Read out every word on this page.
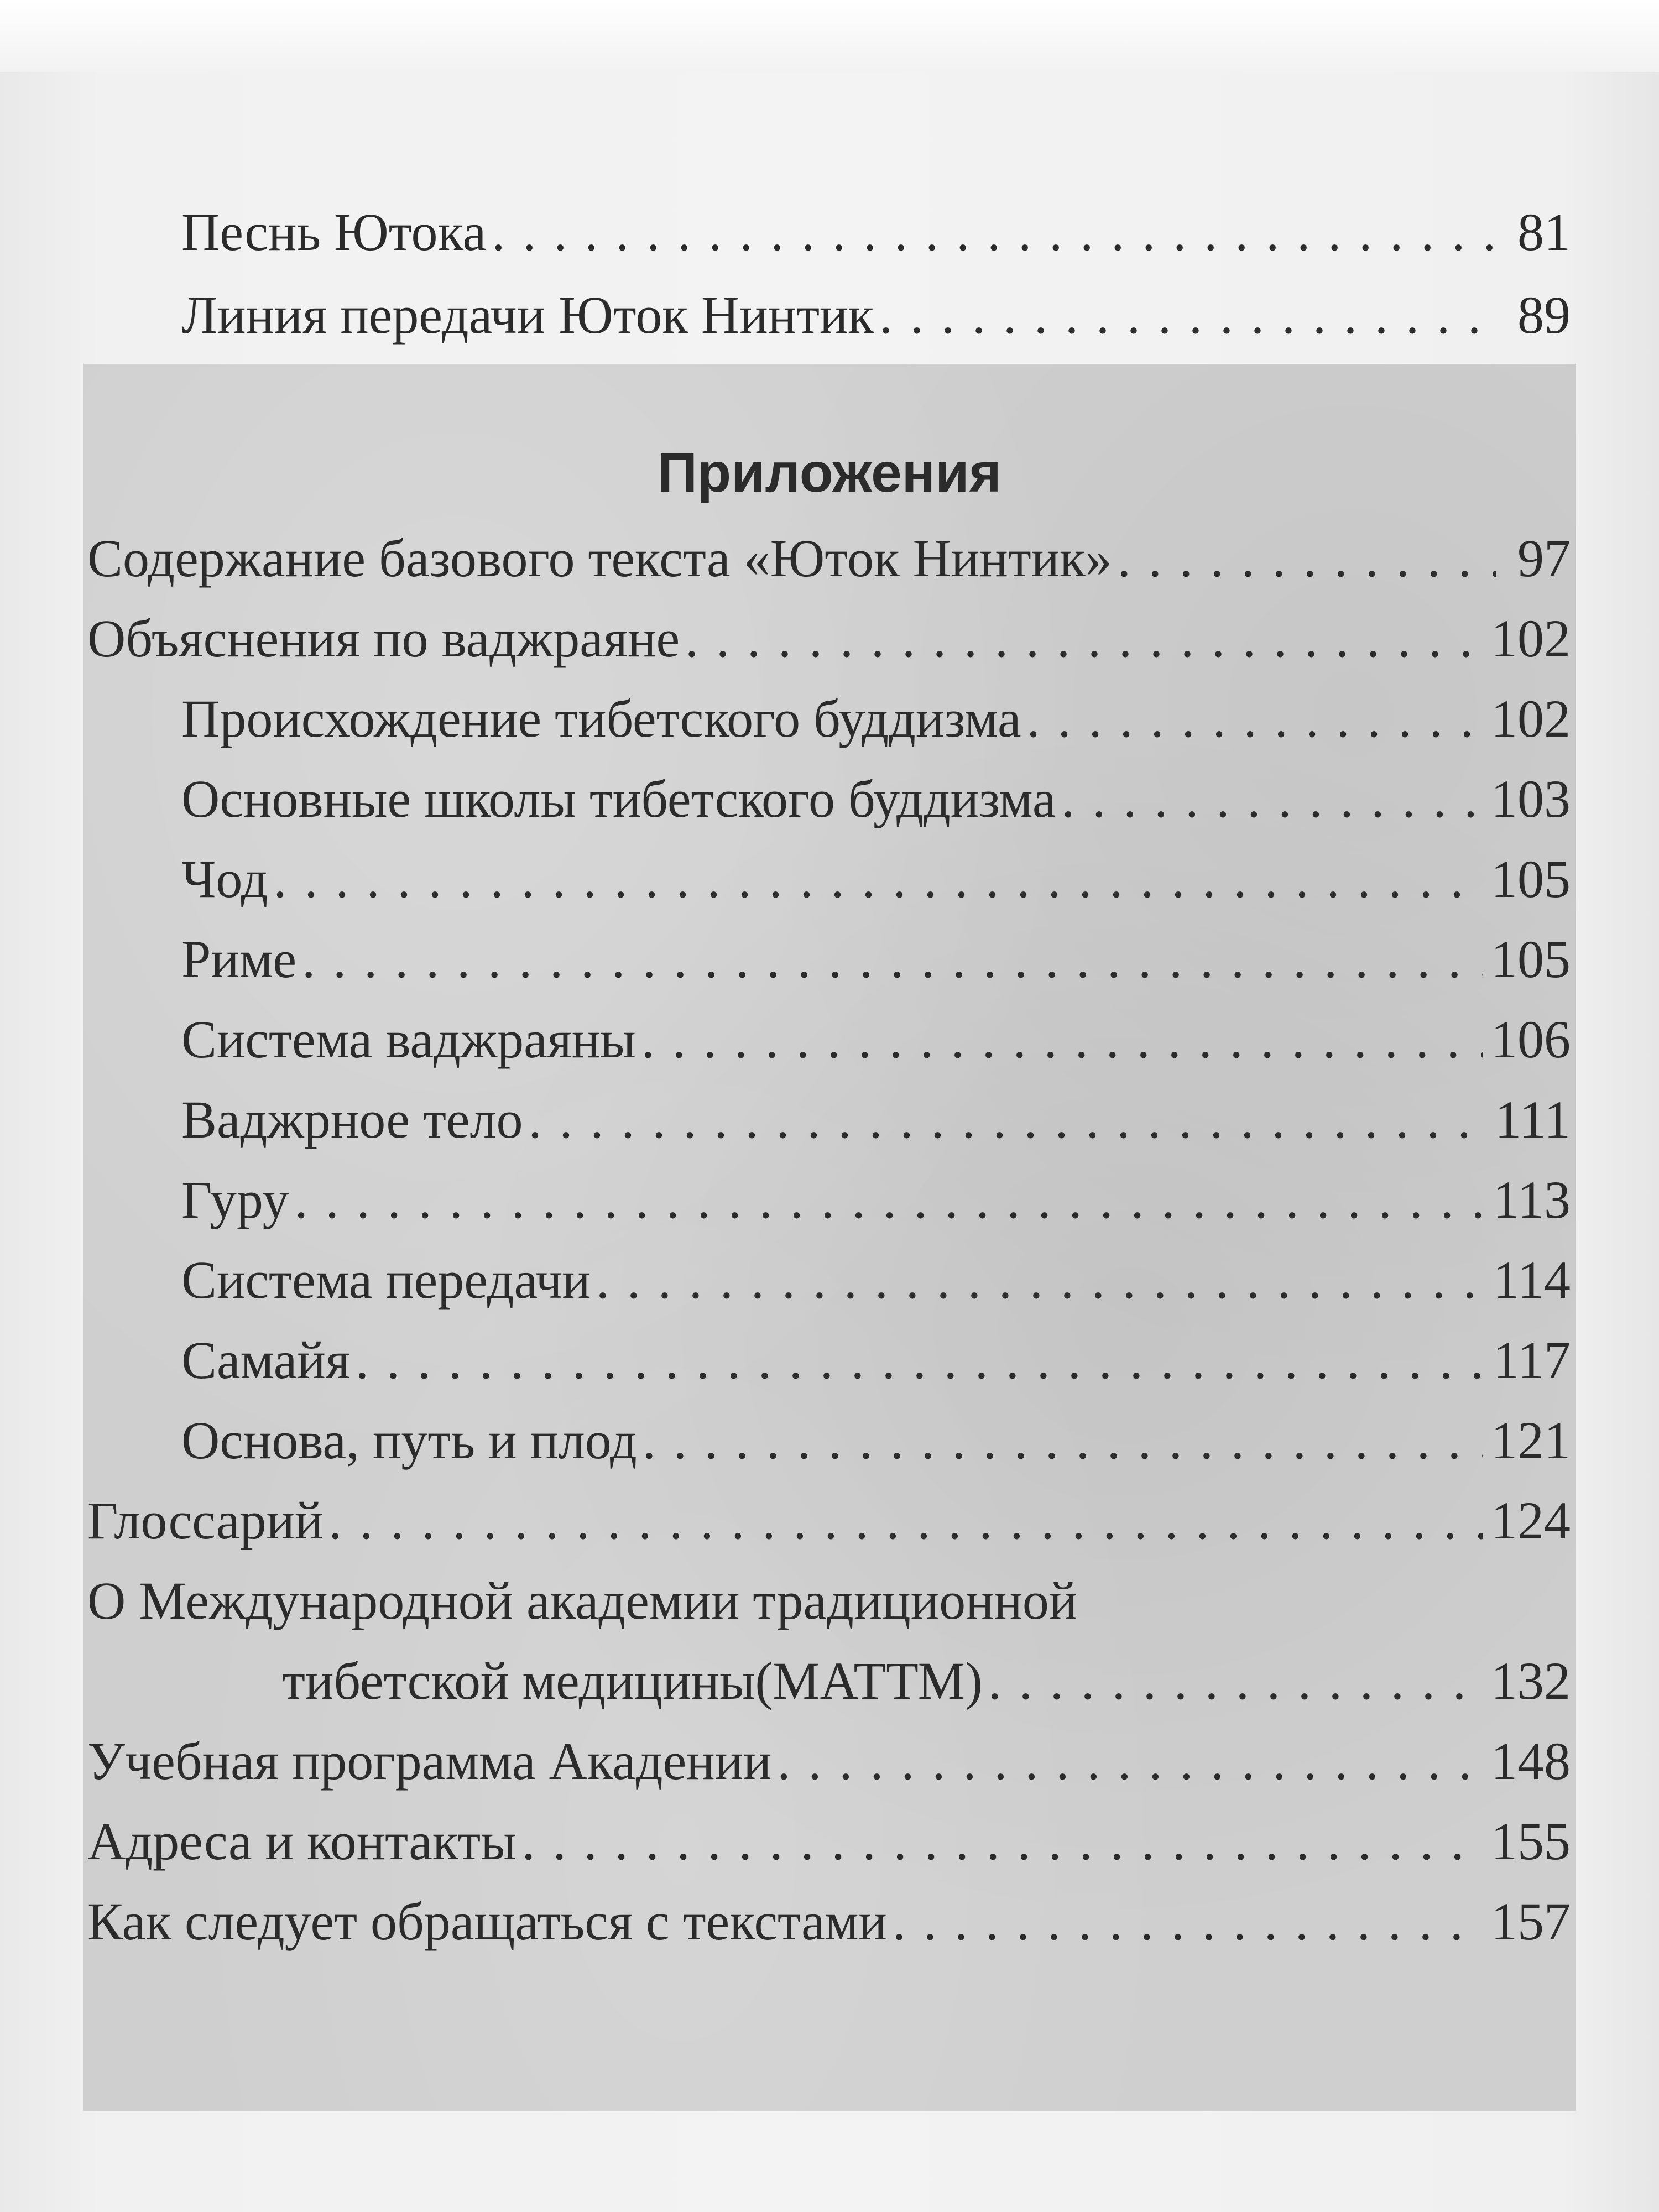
Песнь Ютока . . .	81
Линия передачи Юток Нинтик . . .	89
Приложения
Содержание базового текста «Юток Нинтик» . . .	97
Объяснения по ваджраяне . . .	102
Происхождение тибетского буддизма . . .	102
Основные школы тибетского буддизма . . .	103
Чод . . .	105
Риме . . .	105
Система ваджраяны . . .	106
Ваджрное тело . . .	111
Гуру . . .	113
Система передачи . . .	114
Самайя . . .	117
Основа, путь и плод . . .	121
Глоссарий . . .	124
О Международной академии традиционной
тибетской медицины(МАТТМ) . . .	132
Учебная программа Акадении . . .	148
Адреса и контакты . . .	155
Как следует обращаться с текстами . . .	157
